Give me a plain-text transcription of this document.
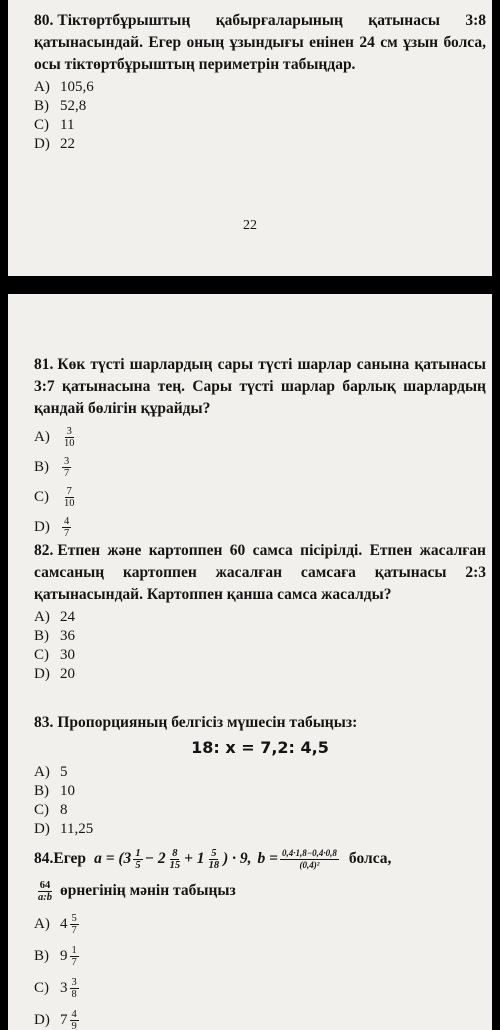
80. Тіктөртбұрыштың қабырғаларының қатынасы 3:8 қатынасындай. Егер оның ұзындығы енінен 24 см ұзын болса, осы тіктөртбұрыштың периметрін табыңдар.
A) 105,6
B) 52,8
C) 11
D) 22
22
81. Көк түсті шарлардың сары түсті шарлар санына қатынасы 3:7 қатынасына тең. Сары түсті шарлар барлық шарлардың қандай бөлігін құрайды?
A)	$\frac{3}{10}$
B)	$\frac{3}{7}$
C)	$\frac{7}{10}$
D)	$\frac{4}{7}$
82. Етпен және картоппен 60 самса пісірілді. Етпен жасалған самсаның картоппен жасалған самсаға қатынасы 2:3 қатынасындай. Картоппен қанша самса жасалды?
A) 24
B) 36
C) 30
D) 20
83. Пропорцияның белгісіз мүшесін табыңыз:
18: x = 7,2: 4,5
A) 5
B) 10
C) 8
D) 11,25
84. Егер $a = (3 \frac{1}{5} - 2 \frac{8}{15} + 1 \frac{5}{18}$ ) · 9, $b = \frac{0,4\cdot 1,8-0,4\cdot 0,8}{\text{(0,4)²}}$ болса,
$\frac{64}{a:b}$ өрнегінің мәнін табыңыз
A) $4 \frac{5}{7}$
B) $9 \frac{1}{7}$
C) $3 \frac{3}{8}$
D) $7 \frac{4}{9}$
